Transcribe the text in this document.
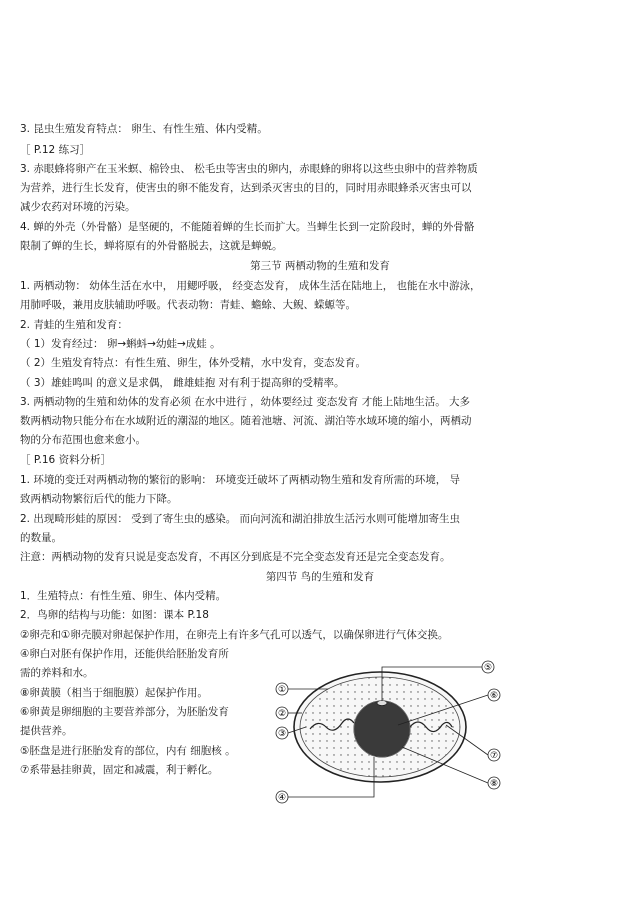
3. 昆虫生殖发育特点： 卵生、有性生殖、体内受精。
［ P.12 练习］
3. 赤眼蜂将卵产在玉米螟、棉铃虫、 松毛虫等害虫的卵内，赤眼蜂的卵将以这些虫卵中的营养物质
为营养，进行生长发育，使害虫的卵不能发育，达到杀灭害虫的目的，同时用赤眼蜂杀灭害虫可以
减少农药对环境的污染。
4. 蝉的外壳（外骨骼）是坚硬的，不能随着蝉的生长而扩大。当蝉生长到一定阶段时，蝉的外骨骼
限制了蝉的生长，蝉将原有的外骨骼脱去，这就是蝉蜕。
第三节 两栖动物的生殖和发育
1. 两栖动物： 幼体生活在水中， 用鳃呼吸， 经变态发育， 成体生活在陆地上， 也能在水中游泳，
用肺呼吸，兼用皮肤辅助呼吸。代表动物：青蛙、蟾蜍、大鲵、蝾螈等。
2. 青蛙的生殖和发育：
（ 1）发育经过： 卵→蝌蚪→幼蛙→成蛙 。
（ 2）生殖发育特点：有性生殖、卵生，体外受精，水中发育，变态发育。
（ 3）雄蛙鸣叫 的意义是求偶， 雌雄蛙抱 对有利于提高卵的受精率。
3. 两栖动物的生殖和幼体的发育必须 在水中进行 ，幼体要经过 变态发育 才能上陆地生活。 大多
数两栖动物只能分布在水域附近的潮湿的地区。随着池塘、河流、湖泊等水域环境的缩小，两栖动
物的分布范围也愈来愈小。
［ P.16 资料分析］
1. 环境的变迁对两栖动物的繁衍的影响： 环境变迁破坏了两栖动物生殖和发育所需的环境， 导
致两栖动物繁衍后代的能力下降。
2. 出现畸形蛙的原因： 受到了寄生虫的感染。 而向河流和湖泊排放生活污水则可能增加寄生虫
的数量。
注意：两栖动物的发育只说是变态发育，不再区分到底是不完全变态发育还是完全变态发育。
第四节 鸟的生殖和发育
1．生殖特点：有性生殖、卵生、体内受精。
2．鸟卵的结构与功能：如图：课本 P.18
②卵壳和①卵壳膜对卵起保护作用，在卵壳上有许多气孔可以透气，以确保卵进行气体交换。
④卵白对胚有保护作用，还能供给胚胎发育所
需的养料和水。
⑧卵黄膜（相当于细胞膜）起保护作用。
⑥卵黄是卵细胞的主要营养部分，为胚胎发育
提供营养。
⑤胚盘是进行胚胎发育的部位，内有 细胞核 。
⑦系带悬挂卵黄，固定和减震，利于孵化。
①
②
③
④
⑤
⑥
⑦
⑧
